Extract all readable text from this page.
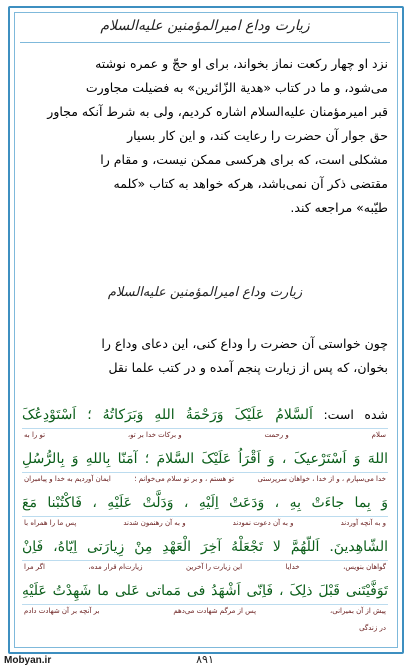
زیارت وداع امیرالمؤمنین علیه‌السلام
نزد او چهار رکعت نماز بخواند، برای او حجّ و عمره نوشته
می‌شود، و ما در کتاب «هدیة الزّائرین» به فضیلت مجاورت
قبر امیرمؤمنان علیه‌السلام اشاره کردیم، ولی به شرط آنکه مجاور
حق جوار آن حضرت را رعایت کند، و این کار بسیار
مشکلی است، که برای هرکسی ممکن نیست، و مقام را
مقتضی ذکر آن نمی‌باشد، هرکه خواهد به کتاب «کلمه
طیّبه» مراجعه کند.
زیارت وداع امیرالمؤمنین علیه‌السلام
چون خواستی آن حضرت را وداع کنی، این دعای وداع را
بخوان، که پس از زیارت پنجم آمده و در کتب علما نقل
شده است: اَلسَّلامُ عَلَیْکَ وَرَحْمَةُ اللهِ وَبَرَکاتُهُ ؛ اَسْتَوْدِعُکَ
سلام
و رحمت
و برکات خدا بر تو،
تو را به
اللهَ وَ اَسْتَرْعیکَ ، وَ اَقْرَاُ عَلَیْکَ السَّلامَ ؛ آمَنّا بِاللهِ وَ بِالرُّسُلِ
خدا می‌سپارم ، و از خدا ، خواهان سرپرستی
تو هستم ، و بر تو سلام می‌خوانم ؛
ایمان آوردیم به خدا و پیامبران
وَ بِما جاءَتْ بِهِ ، وَدَعَتْ اِلَیْهِ ، وَدَلَّتْ عَلَیْهِ ، فَاکْتُبْنا مَعَ
و به آنچه آوردند
و به آن دعوت نمودند
و به آن رهنمون شدند
پس ما را همراه با
الشّاهِدینَ. اَللّهُمَّ لا تَجْعَلْهُ آخِرَ الْعَهْدِ مِنْ زِیارَتی اِیّاهُ، فَاِنْ
گواهان بنویس،
خدایا
این زیارت را آخرین
زیارت‌ام قرار مده،
اگر مرا
تَوَفَّیْتَنی قَبْلَ ذلِکَ ، فَاِنّی اَشْهَدُ فی مَماتی عَلی ما شَهِدْتُ عَلَیْهِ
پیش از آن بمیرانی،
پس از مرگم شهادت می‌دهم
بر آنچه بر آن شهادت دادم
در زندگی
۸۹۱
Mobyan.ir
